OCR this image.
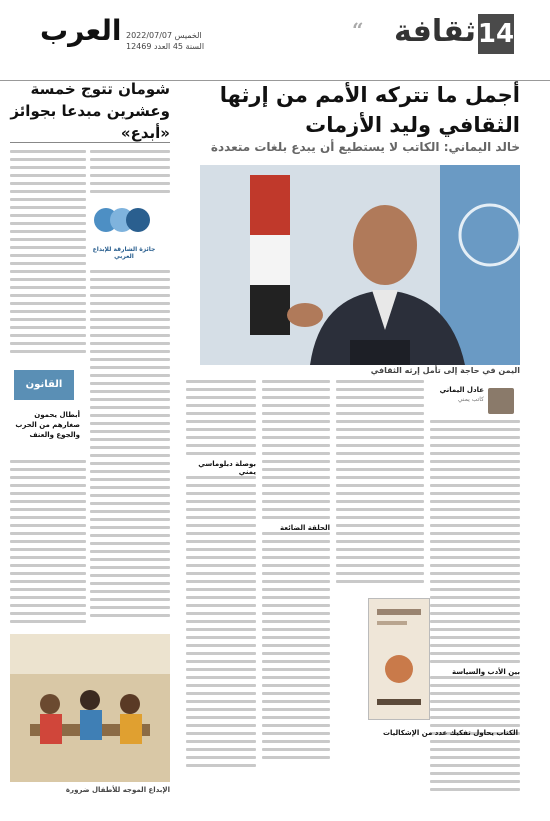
14
ثقافة
“
العرب	الخميس 2022/07/07
السنة 45 العدد 12469
أجمل ما تتركه الأمم من إرثها الثقافي وليد الأزمات
خالد اليماني: الكاتب لا يستطيع أن يبدع بلغات متعددة
اليمن في حاجة إلى تأمل إرثه الثقافي
عادل اليماني
كاتب يمني
بين الأدب والسياسة
الحلقة الضائعة
بوصلة دبلوماسي يمني
الكتاب يحاول تفكيك عدد من الإشكاليات
شومان تتوج خمسة وعشرين مبدعا بجوائز «أبدع»
جائزة الشارقة للإبداع العربي
القانون
أبطال يحمون صغارهم من الحرب والجوع والعنف
الإبداع الموجه للأطفال ضرورة
